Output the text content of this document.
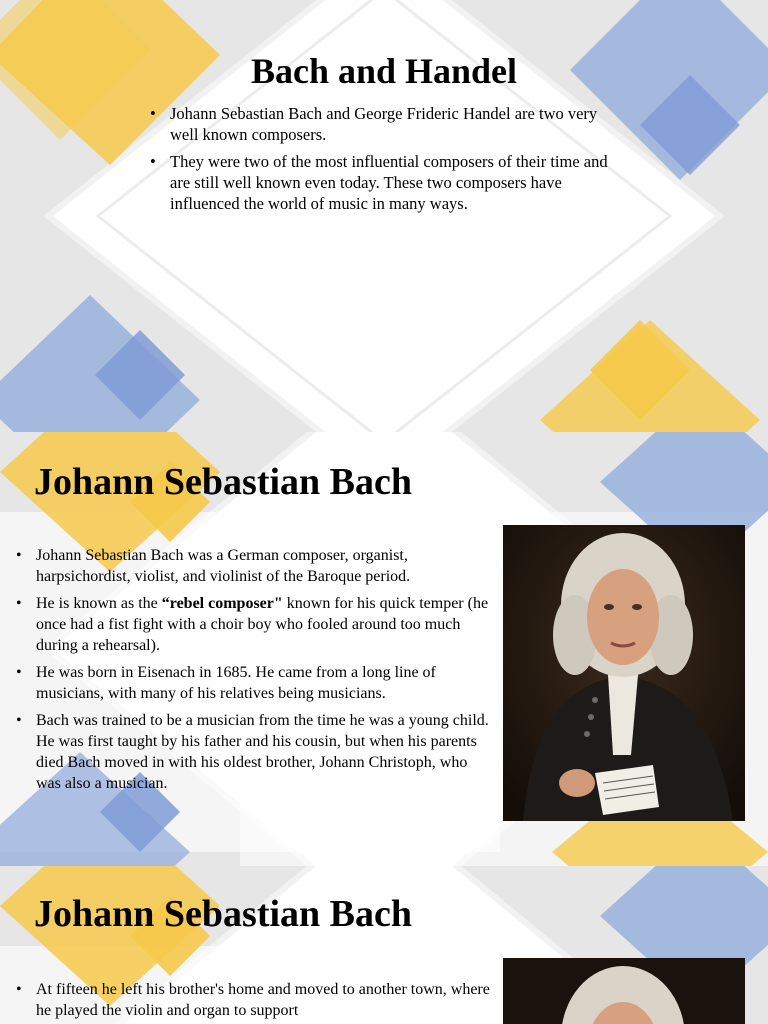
Bach and Handel
• Johann Sebastian Bach and George Frideric Handel are two very well known composers.
• They were two of the most influential composers of their time and are still well known even today. These two composers have influenced the world of music in many ways.
Johann Sebastian Bach
• Johann Sebastian Bach was a German composer, organist, harpsichordist, violist, and violinist of the Baroque period.
• He is known as the “rebel composer" known for his quick temper (he once had a fist fight with a choir boy who fooled around too much during a rehearsal).
• He was born in Eisenach in 1685. He came from a long line of musicians, with many of his relatives being musicians.
• Bach was trained to be a musician from the time he was a young child. He was first taught by his father and his cousin, but when his parents died Bach moved in with his oldest brother, Johann Christoph, who was also a musician.
Johann Sebastian Bach
• At fifteen he left his brother's home and moved to another town, where he played the violin and organ to support
